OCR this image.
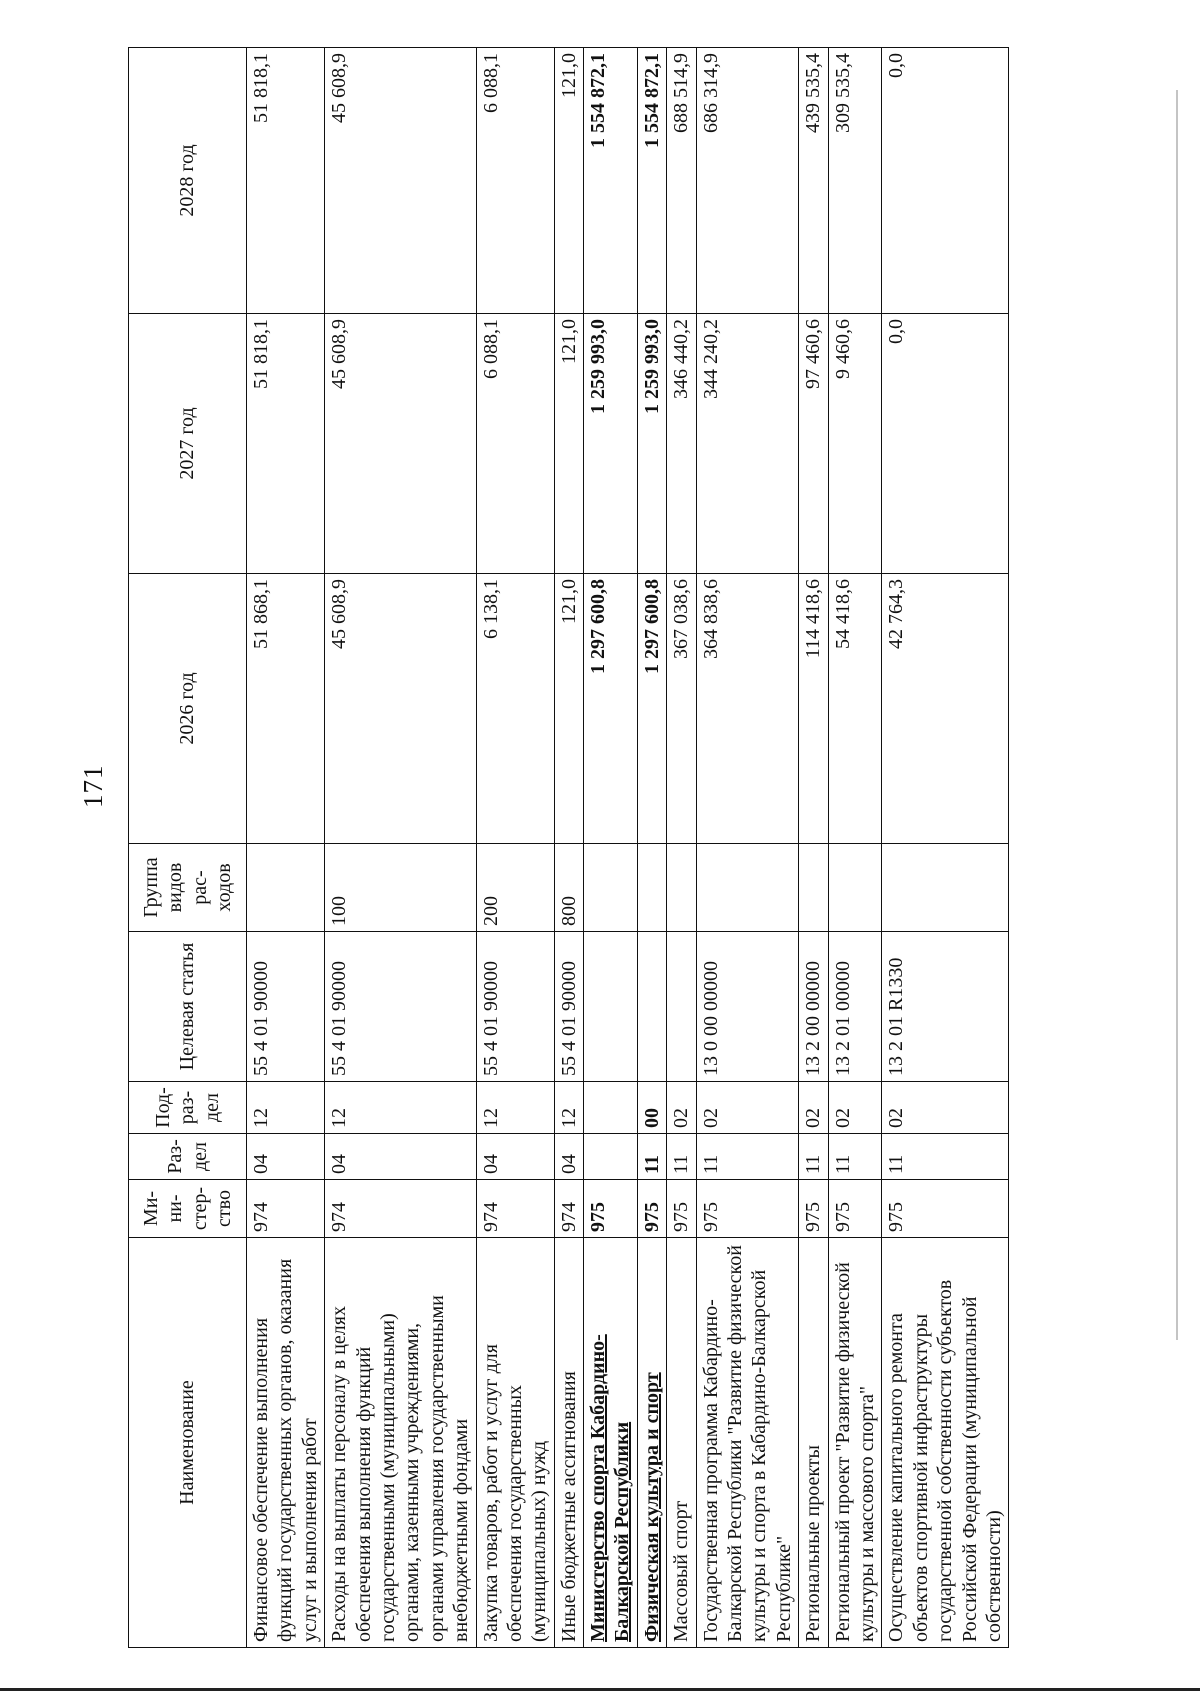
171
Наименование	Ми-ни-стер-ство	Раз-дел	Под-раз-дел	Целевая статья	Группа видов рас-ходов	2026 год	2027 год	2028 год
Финансовое обеспечение выполнения функций государственных органов, оказания услуг и выполнения работ	974	04	12	55 4 01 90000		51 868,1	51 818,1	51 818,1
Расходы на выплаты персоналу в целях обеспечения выполнения функций государственными (муниципальными) органами, казенными учреждениями, органами управления государственными внебюджетными фондами	974	04	12	55 4 01 90000	100	45 608,9	45 608,9	45 608,9
Закупка товаров, работ и услуг для обеспечения государственных (муниципальных) нужд	974	04	12	55 4 01 90000	200	6 138,1	6 088,1	6 088,1
Иные бюджетные ассигнования	974	04	12	55 4 01 90000	800	121,0	121,0	121,0
Министерство спорта Кабардино-Балкарской Республики	975					1 297 600,8	1 259 993,0	1 554 872,1
Физическая культура и спорт	975	11	00			1 297 600,8	1 259 993,0	1 554 872,1
Массовый спорт	975	11	02			367 038,6	346 440,2	688 514,9
Государственная программа Кабардино-Балкарской Республики "Развитие физической культуры и спорта в Кабардино-Балкарской Республике"	975	11	02	13 0 00 00000		364 838,6	344 240,2	686 314,9
Региональные проекты	975	11	02	13 2 00 00000		114 418,6	97 460,6	439 535,4
Региональный проект "Развитие физической культуры и массового спорта"	975	11	02	13 2 01 00000		54 418,6	9 460,6	309 535,4
Осуществление капитального ремонта объектов спортивной инфраструктуры государственной собственности субъектов Российской Федерации (муниципальной собственности)	975	11	02	13 2 01 R1330		42 764,3	0,0	0,0
